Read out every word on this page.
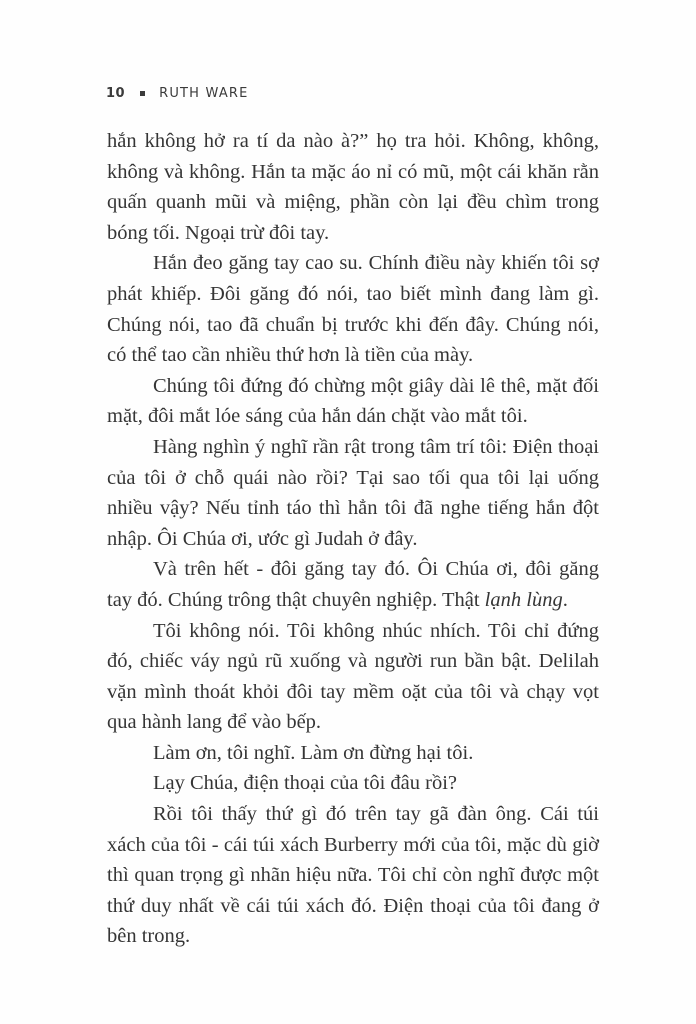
10	RUTH WARE

hắn không hở ra tí da nào à?” họ tra hỏi. Không, không, không và không. Hắn ta mặc áo nỉ có mũ, một cái khăn rằn quấn quanh mũi và miệng, phần còn lại đều chìm trong bóng tối. Ngoại trừ đôi tay.

Hắn đeo găng tay cao su. Chính điều này khiến tôi sợ phát khiếp. Đôi găng đó nói, tao biết mình đang làm gì. Chúng nói, tao đã chuẩn bị trước khi đến đây. Chúng nói, có thể tao cần nhiều thứ hơn là tiền của mày.

Chúng tôi đứng đó chừng một giây dài lê thê, mặt đối mặt, đôi mắt lóe sáng của hắn dán chặt vào mắt tôi.

Hàng nghìn ý nghĩ rần rật trong tâm trí tôi: Điện thoại của tôi ở chỗ quái nào rồi? Tại sao tối qua tôi lại uống nhiều vậy? Nếu tỉnh táo thì hẳn tôi đã nghe tiếng hắn đột nhập. Ôi Chúa ơi, ước gì Judah ở đây.

Và trên hết - đôi găng tay đó. Ôi Chúa ơi, đôi găng tay đó. Chúng trông thật chuyên nghiệp. Thật lạnh lùng.

Tôi không nói. Tôi không nhúc nhích. Tôi chỉ đứng đó, chiếc váy ngủ rũ xuống và người run bần bật. Delilah vặn mình thoát khỏi đôi tay mềm oặt của tôi và chạy vọt qua hành lang để vào bếp.

Làm ơn, tôi nghĩ. Làm ơn đừng hại tôi.

Lạy Chúa, điện thoại của tôi đâu rồi?

Rồi tôi thấy thứ gì đó trên tay gã đàn ông. Cái túi xách của tôi - cái túi xách Burberry mới của tôi, mặc dù giờ thì quan trọng gì nhãn hiệu nữa. Tôi chỉ còn nghĩ được một thứ duy nhất về cái túi xách đó. Điện thoại của tôi đang ở bên trong.
